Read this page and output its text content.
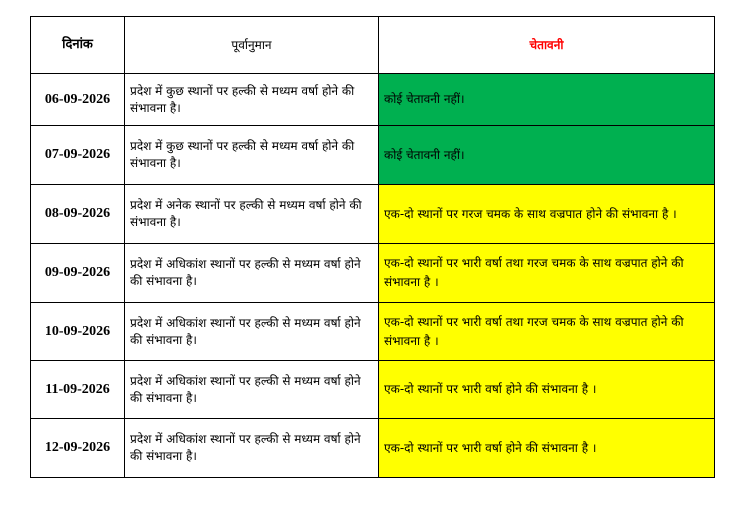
दिनांक	पूर्वानुमान	चेतावनी
06-09-2026	प्रदेश में कुछ स्थानों पर हल्की से मध्यम वर्षा होने की संभावना है।	कोई चेतावनी नहीं।
07-09-2026	प्रदेश में कुछ स्थानों पर हल्की से मध्यम वर्षा होने की संभावना है।	कोई चेतावनी नहीं।
08-09-2026	प्रदेश में अनेक स्थानों पर हल्की से मध्यम वर्षा होने की संभावना है।	एक-दो स्थानों पर गरज चमक के साथ वज्रपात होने की संभावना है ।
09-09-2026	प्रदेश में अधिकांश स्थानों पर हल्की से मध्यम वर्षा होने की संभावना है।	एक-दो स्थानों पर भारी वर्षा तथा गरज चमक के साथ वज्रपात होने की संभावना है ।
10-09-2026	प्रदेश में अधिकांश स्थानों पर हल्की से मध्यम वर्षा होने की संभावना है।	एक-दो स्थानों पर भारी वर्षा तथा गरज चमक के साथ वज्रपात होने की संभावना है ।
11-09-2026	प्रदेश में अधिकांश स्थानों पर हल्की से मध्यम वर्षा होने की संभावना है।	एक-दो स्थानों पर भारी वर्षा होने की संभावना है ।
12-09-2026	प्रदेश में अधिकांश स्थानों पर हल्की से मध्यम वर्षा होने की संभावना है।	एक-दो स्थानों पर भारी वर्षा होने की संभावना है ।
